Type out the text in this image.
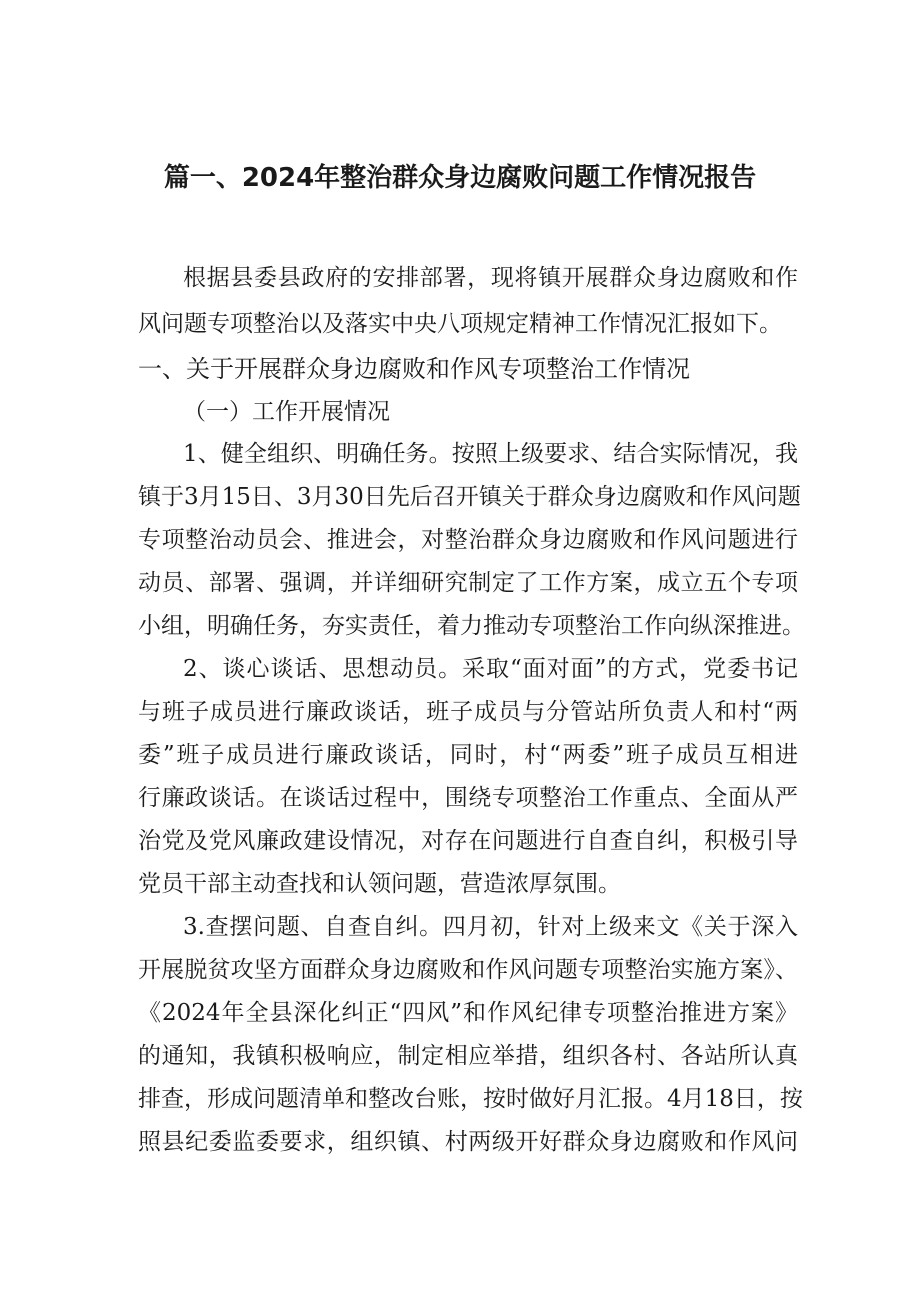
篇一、2024年整治群众身边腐败问题工作情况报告
根据县委县政府的安排部署，现将镇开展群众身边腐败和作
风问题专项整治以及落实中央八项规定精神工作情况汇报如下。
一、关于开展群众身边腐败和作风专项整治工作情况
（一）工作开展情况
1、健全组织、明确任务。按照上级要求、结合实际情况，我
镇于3月15日、3月30日先后召开镇关于群众身边腐败和作风问题
专项整治动员会、推进会，对整治群众身边腐败和作风问题进行
动员、部署、强调，并详细研究制定了工作方案，成立五个专项
小组，明确任务，夯实责任，着力推动专项整治工作向纵深推进。
2、谈心谈话、思想动员。采取“面对面”的方式，党委书记
与班子成员进行廉政谈话，班子成员与分管站所负责人和村“两
委”班子成员进行廉政谈话，同时，村“两委”班子成员互相进
行廉政谈话。在谈话过程中，围绕专项整治工作重点、全面从严
治党及党风廉政建设情况，对存在问题进行自查自纠，积极引导
党员干部主动查找和认领问题，营造浓厚氛围。
3.查摆问题、自查自纠。四月初，针对上级来文《关于深入
开展脱贫攻坚方面群众身边腐败和作风问题专项整治实施方案》、
《2024年全县深化纠正“四风”和作风纪律专项整治推进方案》
的通知，我镇积极响应，制定相应举措，组织各村、各站所认真
排查，形成问题清单和整改台账，按时做好月汇报。4月18日，按
照县纪委监委要求，组织镇、村两级开好群众身边腐败和作风问
